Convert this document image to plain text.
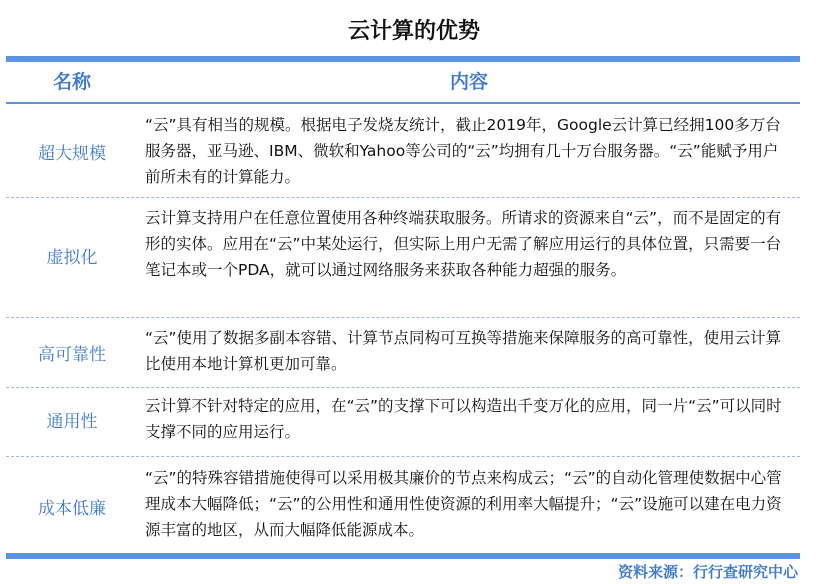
云计算的优势
名称	内容
超大规模
“云”具有相当的规模。根据电子发烧友统计，截止2019年，Google云计算已经拥100多万台服务器，亚马逊、IBM、微软和Yahoo等公司的“云”均拥有几十万台服务器。“云”能赋予用户前所未有的计算能力。
虚拟化
云计算支持用户在任意位置使用各种终端获取服务。所请求的资源来自“云”，而不是固定的有形的实体。应用在“云”中某处运行，但实际上用户无需了解应用运行的具体位置，只需要一台笔记本或一个PDA，就可以通过网络服务来获取各种能力超强的服务。
高可靠性
“云”使用了数据多副本容错、计算节点同构可互换等措施来保障服务的高可靠性，使用云计算比使用本地计算机更加可靠。
通用性
云计算不针对特定的应用，在“云”的支撑下可以构造出千变万化的应用，同一片“云”可以同时支撑不同的应用运行。
成本低廉
“云”的特殊容错措施使得可以采用极其廉价的节点来构成云；“云”的自动化管理使数据中心管理成本大幅降低；“云”的公用性和通用性使资源的利用率大幅提升；“云”设施可以建在电力资源丰富的地区，从而大幅降低能源成本。
资料来源：行行查研究中心
